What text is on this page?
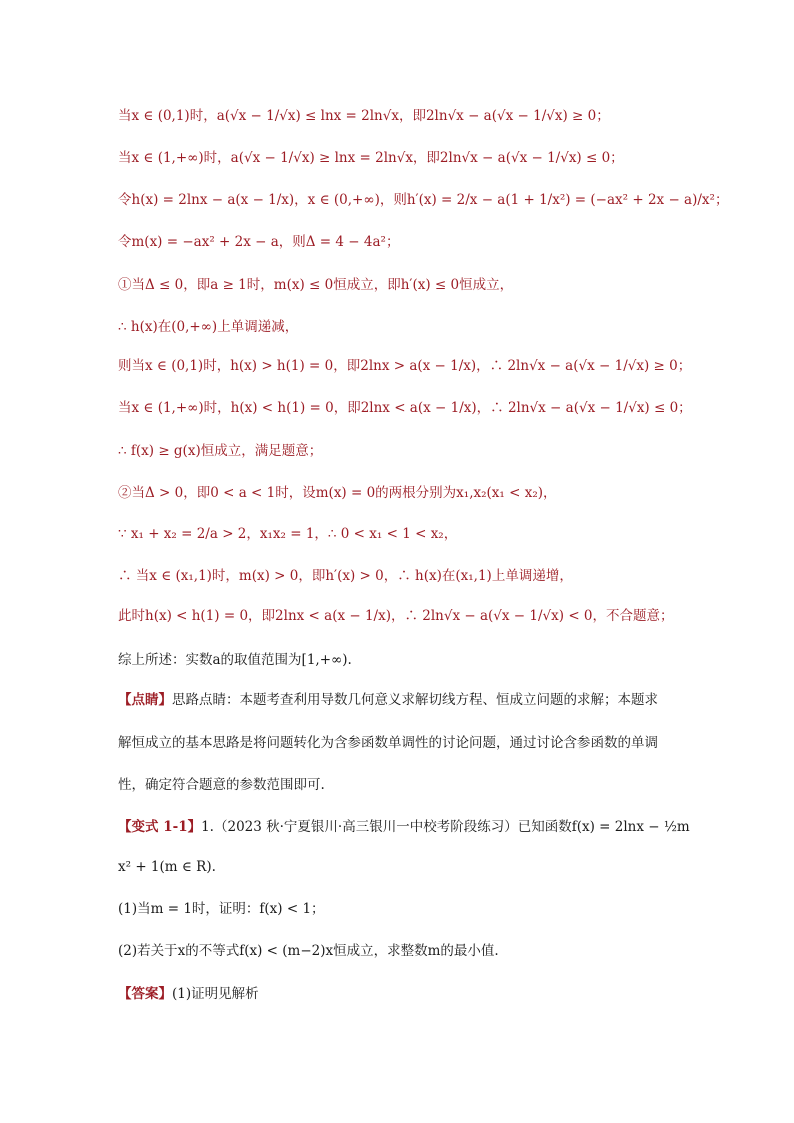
当x ∈ (0,1)时，a(√x − 1/√x) ≤ lnx = 2ln√x，即2ln√x − a(√x − 1/√x) ≥ 0；
当x ∈ (1,+∞)时，a(√x − 1/√x) ≥ lnx = 2ln√x，即2ln√x − a(√x − 1/√x) ≤ 0；
令h(x) = 2lnx − a(x − 1/x)，x ∈ (0,+∞)，则h′(x) = 2/x − a(1 + 1/x²) = (−ax² + 2x − a)/x²；
令m(x) = −ax² + 2x − a，则Δ = 4 − 4a²；
①当Δ ≤ 0，即a ≥ 1时，m(x) ≤ 0恒成立，即h′(x) ≤ 0恒成立，
∴ h(x)在(0,+∞)上单调递减，
则当x ∈ (0,1)时，h(x) > h(1) = 0，即2lnx > a(x − 1/x)，∴ 2ln√x − a(√x − 1/√x) ≥ 0；
当x ∈ (1,+∞)时，h(x) < h(1) = 0，即2lnx < a(x − 1/x)，∴ 2ln√x − a(√x − 1/√x) ≤ 0；
∴ f(x) ≥ g(x)恒成立，满足题意；
②当Δ > 0，即0 < a < 1时，设m(x) = 0的两根分别为x₁,x₂(x₁ < x₂)，
∵ x₁ + x₂ = 2/a > 2，x₁x₂ = 1，∴ 0 < x₁ < 1 < x₂，
∴ 当x ∈ (x₁,1)时，m(x) > 0，即h′(x) > 0，∴ h(x)在(x₁,1)上单调递增，
此时h(x) < h(1) = 0，即2lnx < a(x − 1/x)，∴ 2ln√x − a(√x − 1/√x) < 0，不合题意；
综上所述：实数a的取值范围为[1,+∞).
【点睛】思路点睛：本题考查利用导数几何意义求解切线方程、恒成立问题的求解；本题求
解恒成立的基本思路是将问题转化为含参函数单调性的讨论问题，通过讨论含参函数的单调
性，确定符合题意的参数范围即可.
【变式 1-1】1.（2023 秋·宁夏银川·高三银川一中校考阶段练习）已知函数f(x) = 2lnx − ½m
x² + 1(m ∈ R).
(1)当m = 1时，证明：f(x) < 1；
(2)若关于x的不等式f(x) < (m−2)x恒成立，求整数m的最小值.
【答案】(1)证明见解析
